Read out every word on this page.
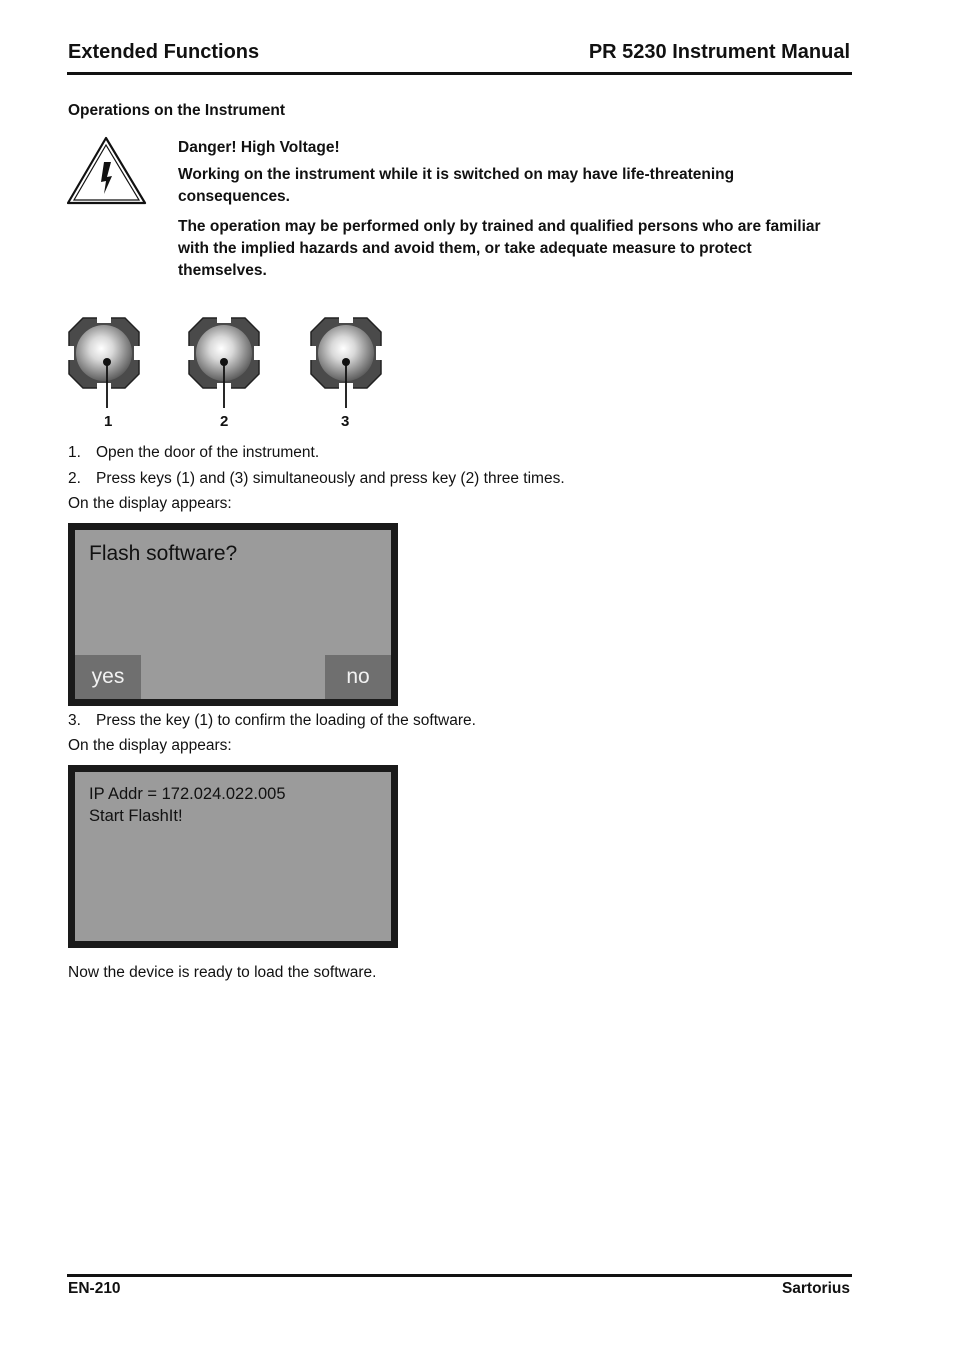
Extended Functions	PR 5230 Instrument Manual
Operations on the Instrument
Danger! High Voltage!
Working on the instrument while it is switched on may have life-threatening consequences.
The operation may be performed only by trained and qualified persons who are familiar with the implied hazards and avoid them, or take adequate measure to protect themselves.
1	2	3
1. Open the door of the instrument.
2. Press keys (1) and (3) simultaneously and press key (2) three times.
On the display appears:
Flash software?
yes	no
3. Press the key (1) to confirm the loading of the software.
On the display appears:
IP Addr = 172.024.022.005
Start FlashIt!
Now the device is ready to load the software.
EN-210	Sartorius
